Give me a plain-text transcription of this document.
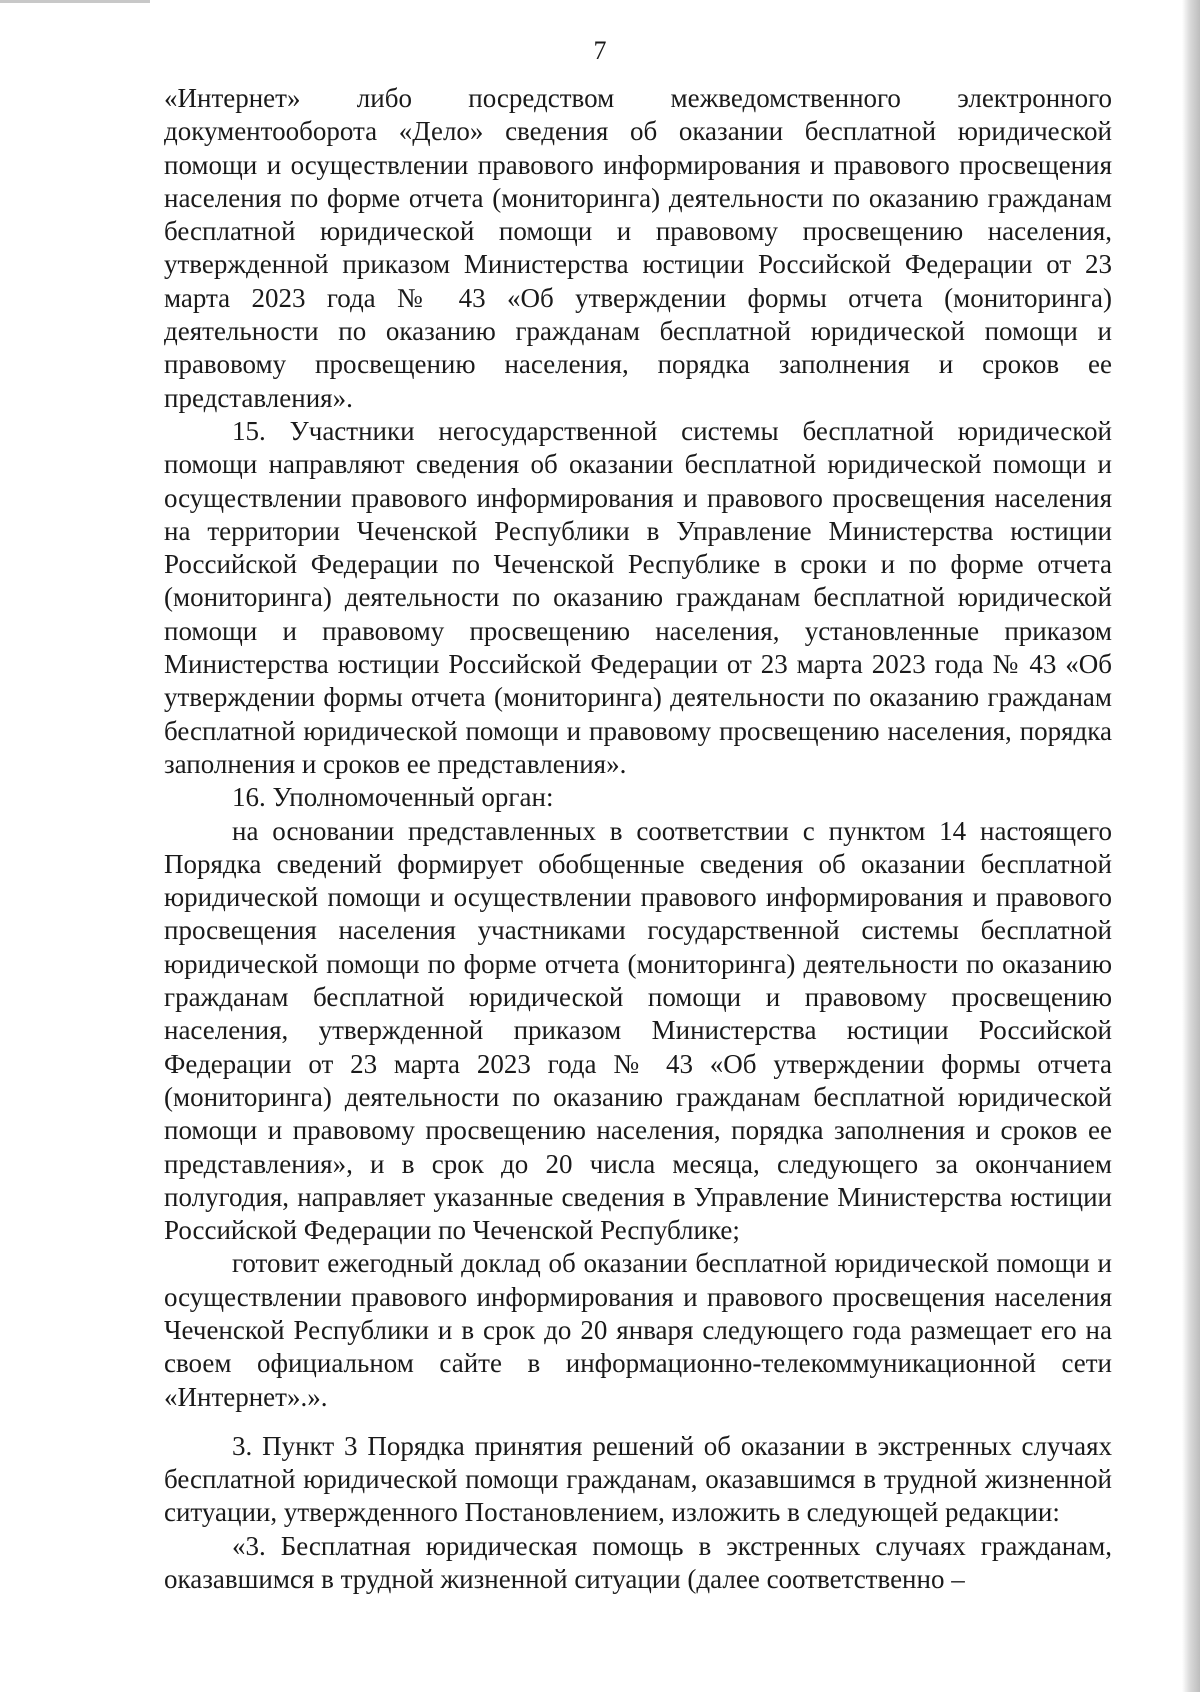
7

«Интернет» либо посредством межведомственного электронного документооборота «Дело» сведения об оказании бесплатной юридической помощи и осуществлении правового информирования и правового просвещения населения по форме отчета (мониторинга) деятельности по оказанию гражданам бесплатной юридической помощи и правовому просвещению населения, утвержденной приказом Министерства юстиции Российской Федерации от 23 марта 2023 года № 43 «Об утверждении формы отчета (мониторинга) деятельности по оказанию гражданам бесплатной юридической помощи и правовому просвещению населения, порядка заполнения и сроков ее представления».

15. Участники негосударственной системы бесплатной юридической помощи направляют сведения об оказании бесплатной юридической помощи и осуществлении правового информирования и правового просвещения населения на территории Чеченской Республики в Управление Министерства юстиции Российской Федерации по Чеченской Республике в сроки и по форме отчета (мониторинга) деятельности по оказанию гражданам бесплатной юридической помощи и правовому просвещению населения, установленные приказом Министерства юстиции Российской Федерации от 23 марта 2023 года № 43 «Об утверждении формы отчета (мониторинга) деятельности по оказанию гражданам бесплатной юридической помощи и правовому просвещению населения, порядка заполнения и сроков ее представления».

16. Уполномоченный орган:

на основании представленных в соответствии с пунктом 14 настоящего Порядка сведений формирует обобщенные сведения об оказании бесплатной юридической помощи и осуществлении правового информирования и правового просвещения населения участниками государственной системы бесплатной юридической помощи по форме отчета (мониторинга) деятельности по оказанию гражданам бесплатной юридической помощи и правовому просвещению населения, утвержденной приказом Министерства юстиции Российской Федерации от 23 марта 2023 года № 43 «Об утверждении формы отчета (мониторинга) деятельности по оказанию гражданам бесплатной юридической помощи и правовому просвещению населения, порядка заполнения и сроков ее представления», и в срок до 20 числа месяца, следующего за окончанием полугодия, направляет указанные сведения в Управление Министерства юстиции Российской Федерации по Чеченской Республике;

готовит ежегодный доклад об оказании бесплатной юридической помощи и осуществлении правового информирования и правового просвещения населения Чеченской Республики и в срок до 20 января следующего года размещает его на своем официальном сайте в информационно-телекоммуникационной сети «Интернет».».

3. Пункт 3 Порядка принятия решений об оказании в экстренных случаях бесплатной юридической помощи гражданам, оказавшимся в трудной жизненной ситуации, утвержденного Постановлением, изложить в следующей редакции:

«3. Бесплатная юридическая помощь в экстренных случаях гражданам, оказавшимся в трудной жизненной ситуации (далее соответственно –
